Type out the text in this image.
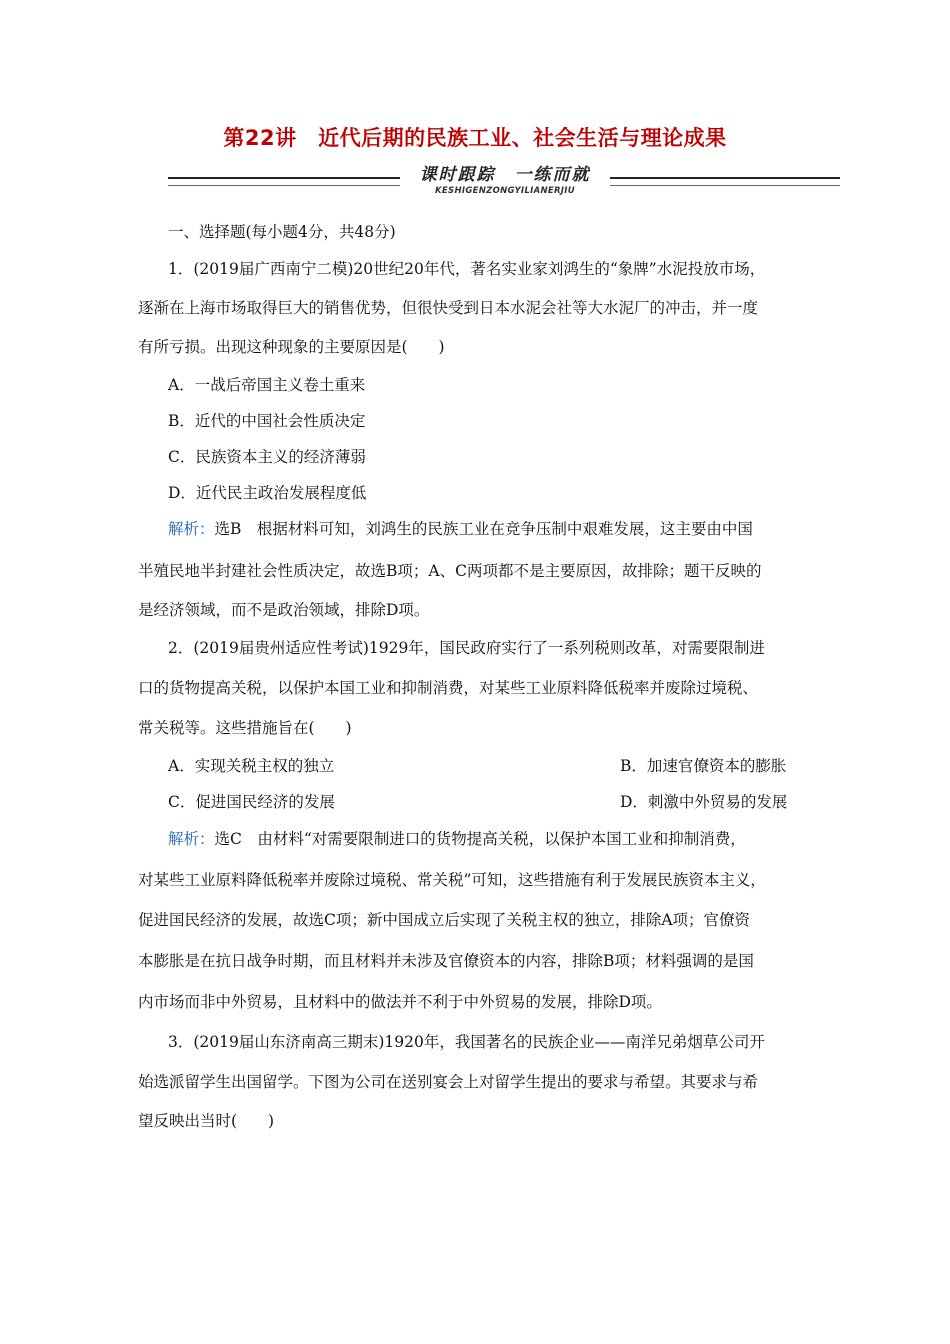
第22讲　近代后期的民族工业、社会生活与理论成果
课时跟踪　一练而就
KESHIGENZONGYILIANERJIU
一、选择题(每小题4分，共48分)
1．(2019届广西南宁二模)20世纪20年代，著名实业家刘鸿生的“象牌”水泥投放市场，
逐渐在上海市场取得巨大的销售优势，但很快受到日本水泥会社等大水泥厂的冲击，并一度
有所亏损。出现这种现象的主要原因是(　　)
A．一战后帝国主义卷土重来
B．近代的中国社会性质决定
C．民族资本主义的经济薄弱
D．近代民主政治发展程度低
解析：选B　根据材料可知，刘鸿生的民族工业在竞争压制中艰难发展，这主要由中国
半殖民地半封建社会性质决定，故选B项；A、C两项都不是主要原因，故排除；题干反映的
是经济领域，而不是政治领域，排除D项。
2．(2019届贵州适应性考试)1929年，国民政府实行了一系列税则改革，对需要限制进
口的货物提高关税，以保护本国工业和抑制消费，对某些工业原料降低税率并废除过境税、
常关税等。这些措施旨在(　　)
A．实现关税主权的独立	B．加速官僚资本的膨胀
C．促进国民经济的发展	D．刺激中外贸易的发展
解析：选C　由材料“对需要限制进口的货物提高关税，以保护本国工业和抑制消费，
对某些工业原料降低税率并废除过境税、常关税”可知，这些措施有利于发展民族资本主义，
促进国民经济的发展，故选C项；新中国成立后实现了关税主权的独立，排除A项；官僚资
本膨胀是在抗日战争时期，而且材料并未涉及官僚资本的内容，排除B项；材料强调的是国
内市场而非中外贸易，且材料中的做法并不利于中外贸易的发展，排除D项。
3．(2019届山东济南高三期末)1920年，我国著名的民族企业——南洋兄弟烟草公司开
始选派留学生出国留学。下图为公司在送别宴会上对留学生提出的要求与希望。其要求与希
望反映出当时(　　)
